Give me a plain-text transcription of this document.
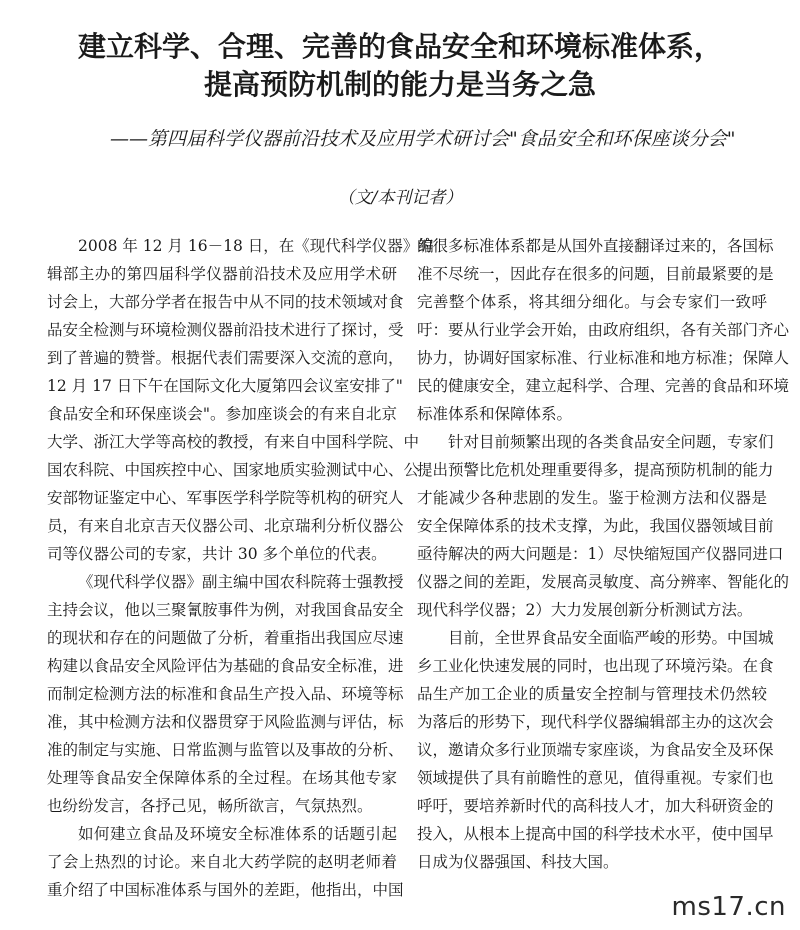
建立科学、合理、完善的食品安全和环境标准体系，
提高预防机制的能力是当务之急
——第四届科学仪器前沿技术及应用学术研讨会"食品安全和环保座谈分会"
（文/本刊记者）
2008 年 12 月 16－18 日，在《现代科学仪器》编
辑部主办的第四届科学仪器前沿技术及应用学术研
讨会上，大部分学者在报告中从不同的技术领域对食
品安全检测与环境检测仪器前沿技术进行了探讨，受
到了普遍的赞誉。根据代表们需要深入交流的意向，
12 月 17 日下午在国际文化大厦第四会议室安排了"
食品安全和环保座谈会"。参加座谈会的有来自北京
大学、浙江大学等高校的教授，有来自中国科学院、中
国农科院、中国疾控中心、国家地质实验测试中心、公
安部物证鉴定中心、军事医学科学院等机构的研究人
员，有来自北京吉天仪器公司、北京瑞利分析仪器公
司等仪器公司的专家，共计 30 多个单位的代表。
《现代科学仪器》副主编中国农科院蒋士强教授
主持会议，他以三聚氰胺事件为例，对我国食品安全
的现状和存在的问题做了分析，着重指出我国应尽速
构建以食品安全风险评估为基础的食品安全标准，进
而制定检测方法的标准和食品生产投入品、环境等标
准，其中检测方法和仪器贯穿于风险监测与评估，标
准的制定与实施、日常监测与监管以及事故的分析、
处理等食品安全保障体系的全过程。在场其他专家
也纷纷发言，各抒己见，畅所欲言，气氛热烈。
如何建立食品及环境安全标准体系的话题引起
了会上热烈的讨论。来自北大药学院的赵明老师着
重介绍了中国标准体系与国外的差距，他指出，中国
的很多标准体系都是从国外直接翻译过来的，各国标
准不尽统一，因此存在很多的问题，目前最紧要的是
完善整个体系，将其细分细化。与会专家们一致呼
吁：要从行业学会开始，由政府组织，各有关部门齐心
协力，协调好国家标准、行业标准和地方标准；保障人
民的健康安全，建立起科学、合理、完善的食品和环境
标准体系和保障体系。
针对目前频繁出现的各类食品安全问题，专家们
提出预警比危机处理重要得多，提高预防机制的能力
才能减少各种悲剧的发生。鉴于检测方法和仪器是
安全保障体系的技术支撑，为此，我国仪器领域目前
亟待解决的两大问题是：1）尽快缩短国产仪器同进口
仪器之间的差距，发展高灵敏度、高分辨率、智能化的
现代科学仪器；2）大力发展创新分析测试方法。
目前，全世界食品安全面临严峻的形势。中国城
乡工业化快速发展的同时，也出现了环境污染。在食
品生产加工企业的质量安全控制与管理技术仍然较
为落后的形势下，现代科学仪器编辑部主办的这次会
议，邀请众多行业顶端专家座谈，为食品安全及环保
领域提供了具有前瞻性的意见，值得重视。专家们也
呼吁，要培养新时代的高科技人才，加大科研资金的
投入，从根本上提高中国的科学技术水平，使中国早
日成为仪器强国、科技大国。
ms17.cn
